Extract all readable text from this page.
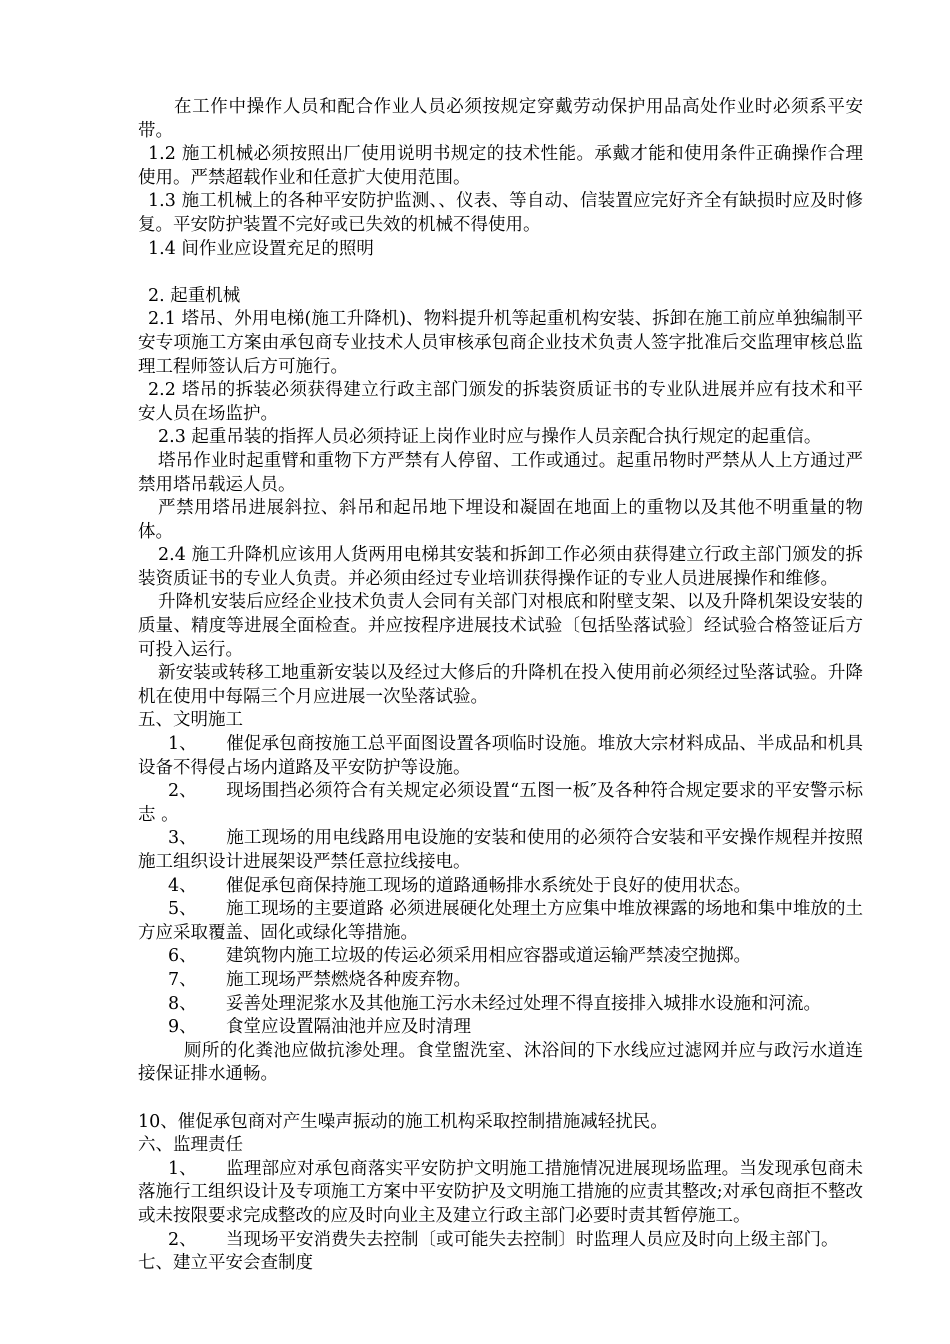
在工作中操作人员和配合作业人员必须按规定穿戴劳动保护用品高处作业时必须系平安带。

1.2 施工机械必须按照出厂使用说明书规定的技术性能。承戴才能和使用条件正确操作合理使用。严禁超载作业和任意扩大使用范围。

1.3 施工机械上的各种平安防护监测、、仪表、等自动、信装置应完好齐全有缺损时应及时修复。平安防护装置不完好或已失效的机械不得使用。

1.4 间作业应设置充足的照明

2. 起重机械

2.1 塔吊、外用电梯(施工升降机)、物料提升机等起重机构安装、拆卸在施工前应单独编制平安专项施工方案由承包商专业技术人员审核承包商企业技术负责人签字批准后交监理审核总监理工程师签认后方可施行。

2.2 塔吊的拆装必须获得建立行政主部门颁发的拆装资质证书的专业队进展并应有技术和平安人员在场监护。

2.3 起重吊装的指挥人员必须持证上岗作业时应与操作人员亲配合执行规定的起重信。

塔吊作业时起重臂和重物下方严禁有人停留、工作或通过。起重吊物时严禁从人上方通过严禁用塔吊载运人员。

严禁用塔吊进展斜拉、斜吊和起吊地下埋设和凝固在地面上的重物以及其他不明重量的物体。

2.4 施工升降机应该用人货两用电梯其安装和拆卸工作必须由获得建立行政主部门颁发的拆装资质证书的专业人负责。并必须由经过专业培训获得操作证的专业人员进展操作和维修。

升降机安装后应经企业技术负责人会同有关部门对根底和附壁支架、以及升降机架设安装的质量、精度等进展全面检查。并应按程序进展技术试验〔包括坠落试验〕经试验合格签证后方可投入运行。

新安装或转移工地重新安装以及经过大修后的升降机在投入使用前必须经过坠落试验。升降机在使用中每隔三个月应进展一次坠落试验。

五、文明施工

1、 催促承包商按施工总平面图设置各项临时设施。堆放大宗材料成品、半成品和机具设备不得侵占场内道路及平安防护等设施。

2、 现场围挡必须符合有关规定必须设置“五图一板″及各种符合规定要求的平安警示标志 。

3、 施工现场的用电线路用电设施的安装和使用的必须符合安装和平安操作规程并按照施工组织设计进展架设严禁任意拉线接电。

4、 催促承包商保持施工现场的道路通畅排水系统处于良好的使用状态。

5、 施工现场的主要道路 必须进展硬化处理土方应集中堆放裸露的场地和集中堆放的土方应采取覆盖、固化或绿化等措施。

6、 建筑物内施工垃圾的传运必须采用相应容器或道运输严禁凌空抛掷。

7、 施工现场严禁燃烧各种废弃物。

8、 妥善处理泥浆水及其他施工污水未经过处理不得直接排入城排水设施和河流。

9、 食堂应设置隔油池并应及时清理

厕所的化粪池应做抗渗处理。食堂盥洗室、沐浴间的下水线应过滤网并应与政污水道连接保证排水通畅。

10、催促承包商对产生噪声振动的施工机构采取控制措施减轻扰民。

六、监理责任

1、 监理部应对承包商落实平安防护文明施工措施情况进展现场监理。当发现承包商未落施行工组织设计及专项施工方案中平安防护及文明施工措施的应责其整改;对承包商拒不整改或未按限要求完成整改的应及时向业主及建立行政主部门必要时责其暂停施工。

2、 当现场平安消费失去控制〔或可能失去控制〕时监理人员应及时向上级主部门。

七、建立平安会查制度
